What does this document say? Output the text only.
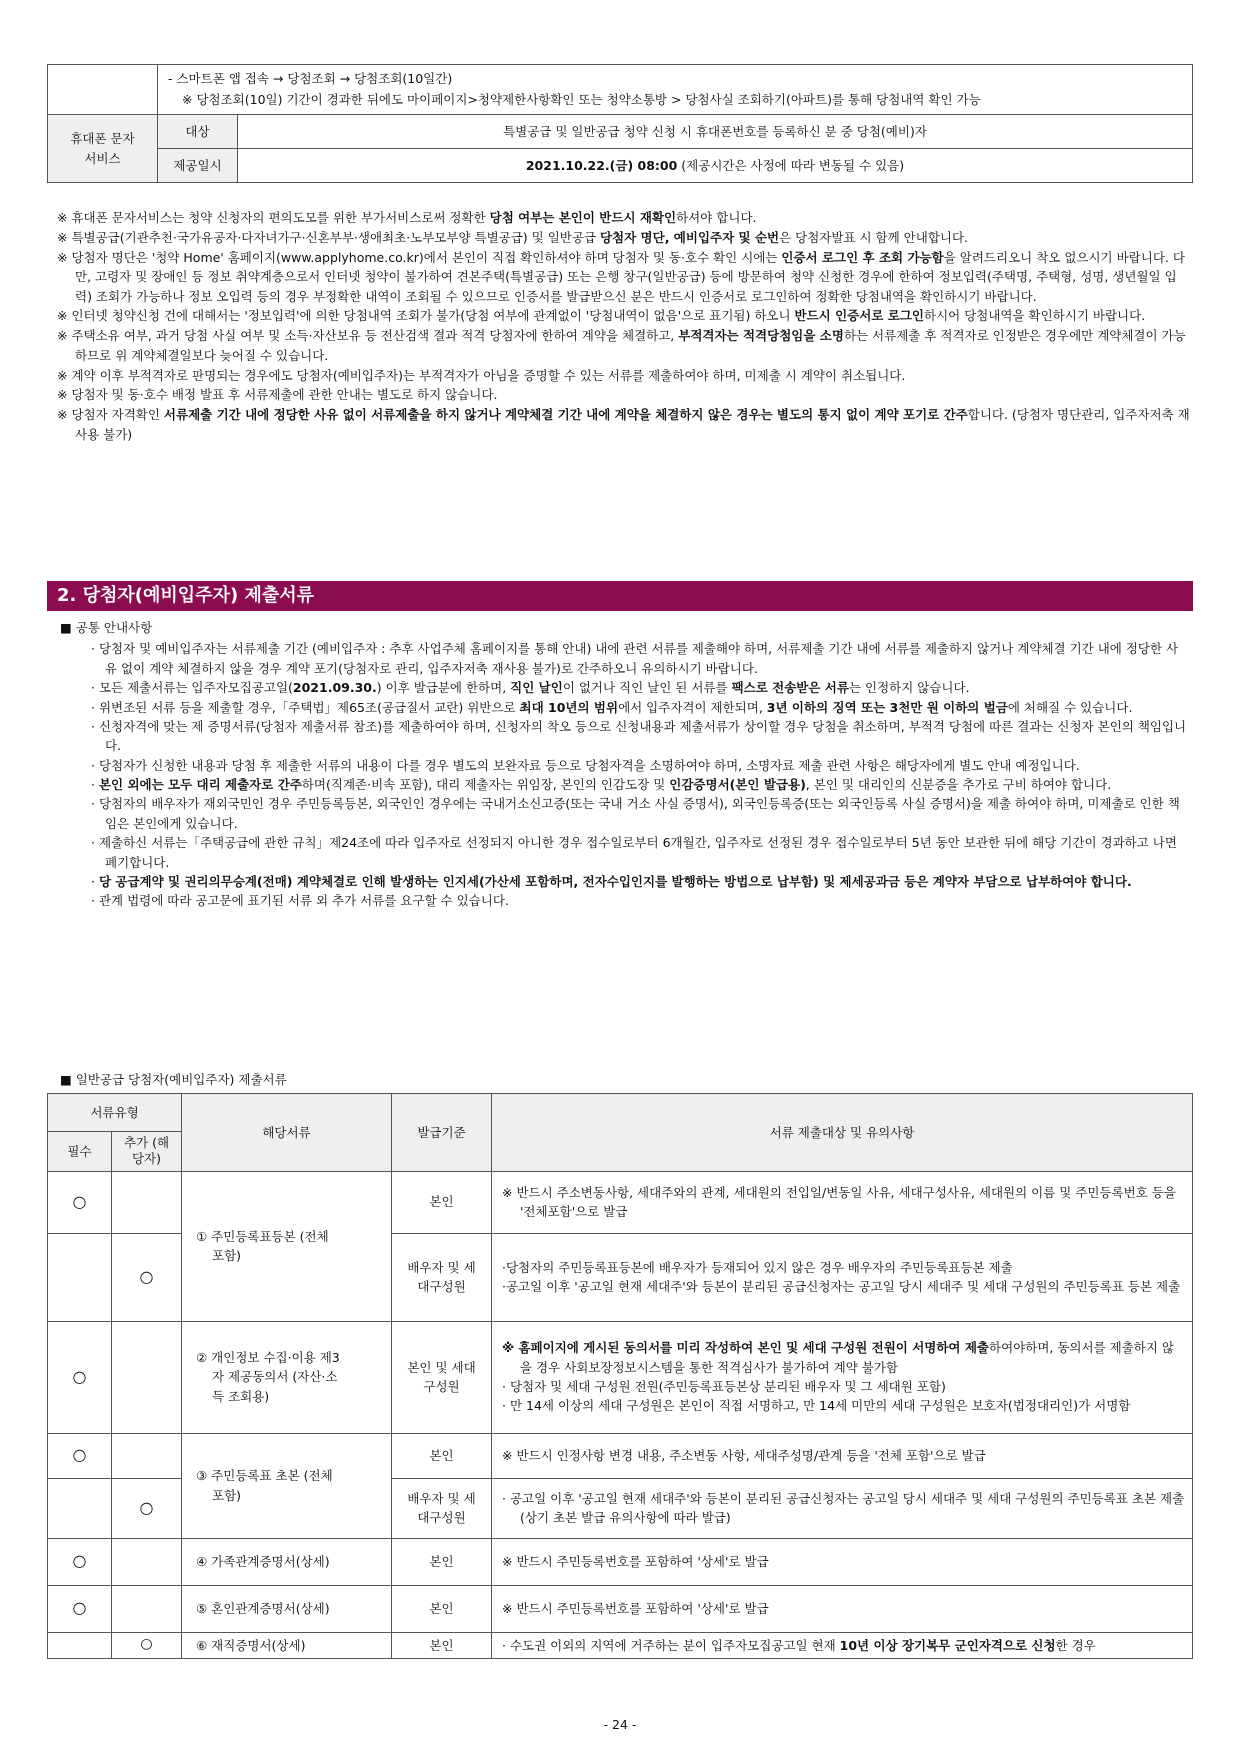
	- 스마트폰 앱 접속 → 당첨조회 → 당첨조회(10일간)
※ 당첨조회(10일) 기간이 경과한 뒤에도 마이페이지>청약제한사항확인 또는 청약소통방 > 당첨사실 조회하기(아파트)를 통해 당첨내역 확인 가능	

휴대폰 문자서비스	대상	특별공급 및 일반공급 청약 신청 시 휴대폰번호를 등록하신 분 중 당첨(예비)자
	제공일시	2021.10.22.(금) 08:00 (제공시간은 사정에 따라 변동될 수 있음)
※ 휴대폰 문자서비스는 청약 신청자의 편의도모를 위한 부가서비스로써 정확한 당첨 여부는 본인이 반드시 재확인하셔야 합니다.
※ 특별공급(기관추천·국가유공자·다자녀가구·신혼부부·생애최초·노부모부양 특별공급) 및 일반공급 당첨자 명단, 예비입주자 및 순번은 당첨자발표 시 함께 안내합니다.
※ 당첨자 명단은 '청약 Home' 홈페이지(www.applyhome.co.kr)에서 본인이 직접 확인하셔야 하며 당첨자 및 동·호수 확인 시에는 인증서 로그인 후 조회 가능함을 알려드리오니 착오 없으시기 바랍니다. 다만, 고령자 및 장애인 등 정보 취약계층으로서 인터넷 청약이 불가하여 견본주택(특별공급) 또는 은행 창구(일반공급) 등에 방문하여 청약 신청한 경우에 한하여 정보입력(주택명, 주택형, 성명, 생년월일 입력) 조회가 가능하나 정보 오입력 등의 경우 부정확한 내역이 조회될 수 있으므로 인증서를 발급받으신 분은 반드시 인증서로 로그인하여 정확한 당첨내역을 확인하시기 바랍니다.
※ 인터넷 청약신청 건에 대해서는 '정보입력'에 의한 당첨내역 조회가 불가(당첨 여부에 관계없이 '당첨내역이 없음'으로 표기됨) 하오니 반드시 인증서로 로그인하시어 당첨내역을 확인하시기 바랍니다.
※ 주택소유 여부, 과거 당첨 사실 여부 및 소득·자산보유 등 전산검색 결과 적격 당첨자에 한하여 계약을 체결하고, 부적격자는 적격당첨임을 소명하는 서류제출 후 적격자로 인정받은 경우에만 계약체결이 가능하므로 위 계약체결일보다 늦어질 수 있습니다.
※ 계약 이후 부적격자로 판명되는 경우에도 당첨자(예비입주자)는 부적격자가 아님을 증명할 수 있는 서류를 제출하여야 하며, 미제출 시 계약이 취소됩니다.
※ 당첨자 및 동·호수 배정 발표 후 서류제출에 관한 안내는 별도로 하지 않습니다.
※ 당첨자 자격확인 서류제출 기간 내에 정당한 사유 없이 서류제출을 하지 않거나 계약체결 기간 내에 계약을 체결하지 않은 경우는 별도의 통지 없이 계약 포기로 간주합니다. (당첨자 명단관리, 입주자저축 재사용 불가)
2. 당첨자(예비입주자) 제출서류
■ 공통 안내사항
· 당첨자 및 예비입주자는 서류제출 기간 (예비입주자 : 추후 사업주체 홈페이지를 통해 안내) 내에 관련 서류를 제출해야 하며, 서류제출 기간 내에 서류를 제출하지 않거나 계약체결 기간 내에 정당한 사유 없이 계약 체결하지 않을 경우 계약 포기(당첨자로 관리, 입주자저축 재사용 불가)로 간주하오니 유의하시기 바랍니다.
· 모든 제출서류는 입주자모집공고일(2021.09.30.) 이후 발급분에 한하며, 직인 날인이 없거나 직인 날인 된 서류를 팩스로 전송받은 서류는 인정하지 않습니다.
· 위변조된 서류 등을 제출할 경우,「주택법」제65조(공급질서 교란) 위반으로 최대 10년의 범위에서 입주자격이 제한되며, 3년 이하의 징역 또는 3천만 원 이하의 벌금에 처해질 수 있습니다.
· 신청자격에 맞는 제 증명서류(당첨자 제출서류 참조)를 제출하여야 하며, 신청자의 착오 등으로 신청내용과 제출서류가 상이할 경우 당첨을 취소하며, 부적격 당첨에 따른 결과는 신청자 본인의 책임입니다.
· 당첨자가 신청한 내용과 당첨 후 제출한 서류의 내용이 다를 경우 별도의 보완자료 등으로 당첨자격을 소명하여야 하며, 소명자료 제출 관련 사항은 해당자에게 별도 안내 예정입니다.
· 본인 외에는 모두 대리 제출자로 간주하며(직계존·비속 포함), 대리 제출자는 위임장, 본인의 인감도장 및 인감증명서(본인 발급용), 본인 및 대리인의 신분증을 추가로 구비 하여야 합니다.
· 당첨자의 배우자가 재외국민인 경우 주민등록등본, 외국인인 경우에는 국내거소신고증(또는 국내 거소 사실 증명서), 외국인등록증(또는 외국인등록 사실 증명서)을 제출 하여야 하며, 미제출로 인한 책임은 본인에게 있습니다.
· 제출하신 서류는「주택공급에 관한 규칙」제24조에 따라 입주자로 선정되지 아니한 경우 접수일로부터 6개월간, 입주자로 선정된 경우 접수일로부터 5년 동안 보관한 뒤에 해당 기간이 경과하고 나면 폐기합니다.
· 당 공급계약 및 권리의무승계(전매) 계약체결로 인해 발생하는 인지세(가산세 포함하며, 전자수입인지를 발행하는 방법으로 납부함) 및 제세공과금 등은 계약자 부담으로 납부하여야 합니다.
· 관계 법령에 따라 공고문에 표기된 서류 외 추가 서류를 요구할 수 있습니다.
■ 일반공급 당첨자(예비입주자) 제출서류
서류유형		해당서류	발급기준	서류 제출대상 및 유의사항
필수	추가 (해당자)			
○		① 주민등록표등본 (전체 포함)	본인	※ 반드시 주소변동사항, 세대주와의 관계, 세대원의 전입일/변동일 사유, 세대구성사유, 세대원의 이름 및 주민등록번호 등을 '전체포함'으로 발급

	○		배우자 및 세대구성원	·당첨자의 주민등록표등본에 배우자가 등재되어 있지 않은 경우 배우자의 주민등록표등본 제출
·공고일 이후 '공고일 현재 세대주'와 등본이 분리된 공급신청자는 공고일 당시 세대주 및 세대 구성원의 주민등록표 등본 제출

○		② 개인정보 수집·이용 제3자 제공동의서 (자산·소득 조회용)	본인 및 세대구성원	※ 홈페이지에 게시된 동의서를 미리 작성하여 본인 및 세대 구성원 전원이 서명하여 제출하여야하며, 동의서를 제출하지 않을 경우 사회보장정보시스템을 통한 적격심사가 불가하여 계약 불가함
· 당첨자 및 세대 구성원 전원(주민등록표등본상 분리된 배우자 및 그 세대원 포함)
· 만 14세 이상의 세대 구성원은 본인이 직접 서명하고, 만 14세 미만의 세대 구성원은 보호자(법정대리인)가 서명함

○		③ 주민등록표 초본 (전체 포함)	본인	※ 반드시 인정사항 변경 내용, 주소변동 사항, 세대주성명/관계 등을 '전체 포함'으로 발급
	○		배우자 및 세대구성원	· 공고일 이후 '공고일 현재 세대주'와 등본이 분리된 공급신청자는 공고일 당시 세대주 및 세대 구성원의 주민등록표 초본 제출(상기 초본 발급 유의사항에 따라 발급)

○		④ 가족관계증명서(상세)	본인	※ 반드시 주민등록번호를 포함하여 '상세'로 발급
○		⑤ 혼인관계증명서(상세)	본인	※ 반드시 주민등록번호를 포함하여 '상세'로 발급
	○	⑥ 재직증명서(상세)	본인	· 수도권 이외의 지역에 거주하는 분이 입주자모집공고일 현재 10년 이상 장기복무 군인자격으로 신청한 경우
- 24 -
